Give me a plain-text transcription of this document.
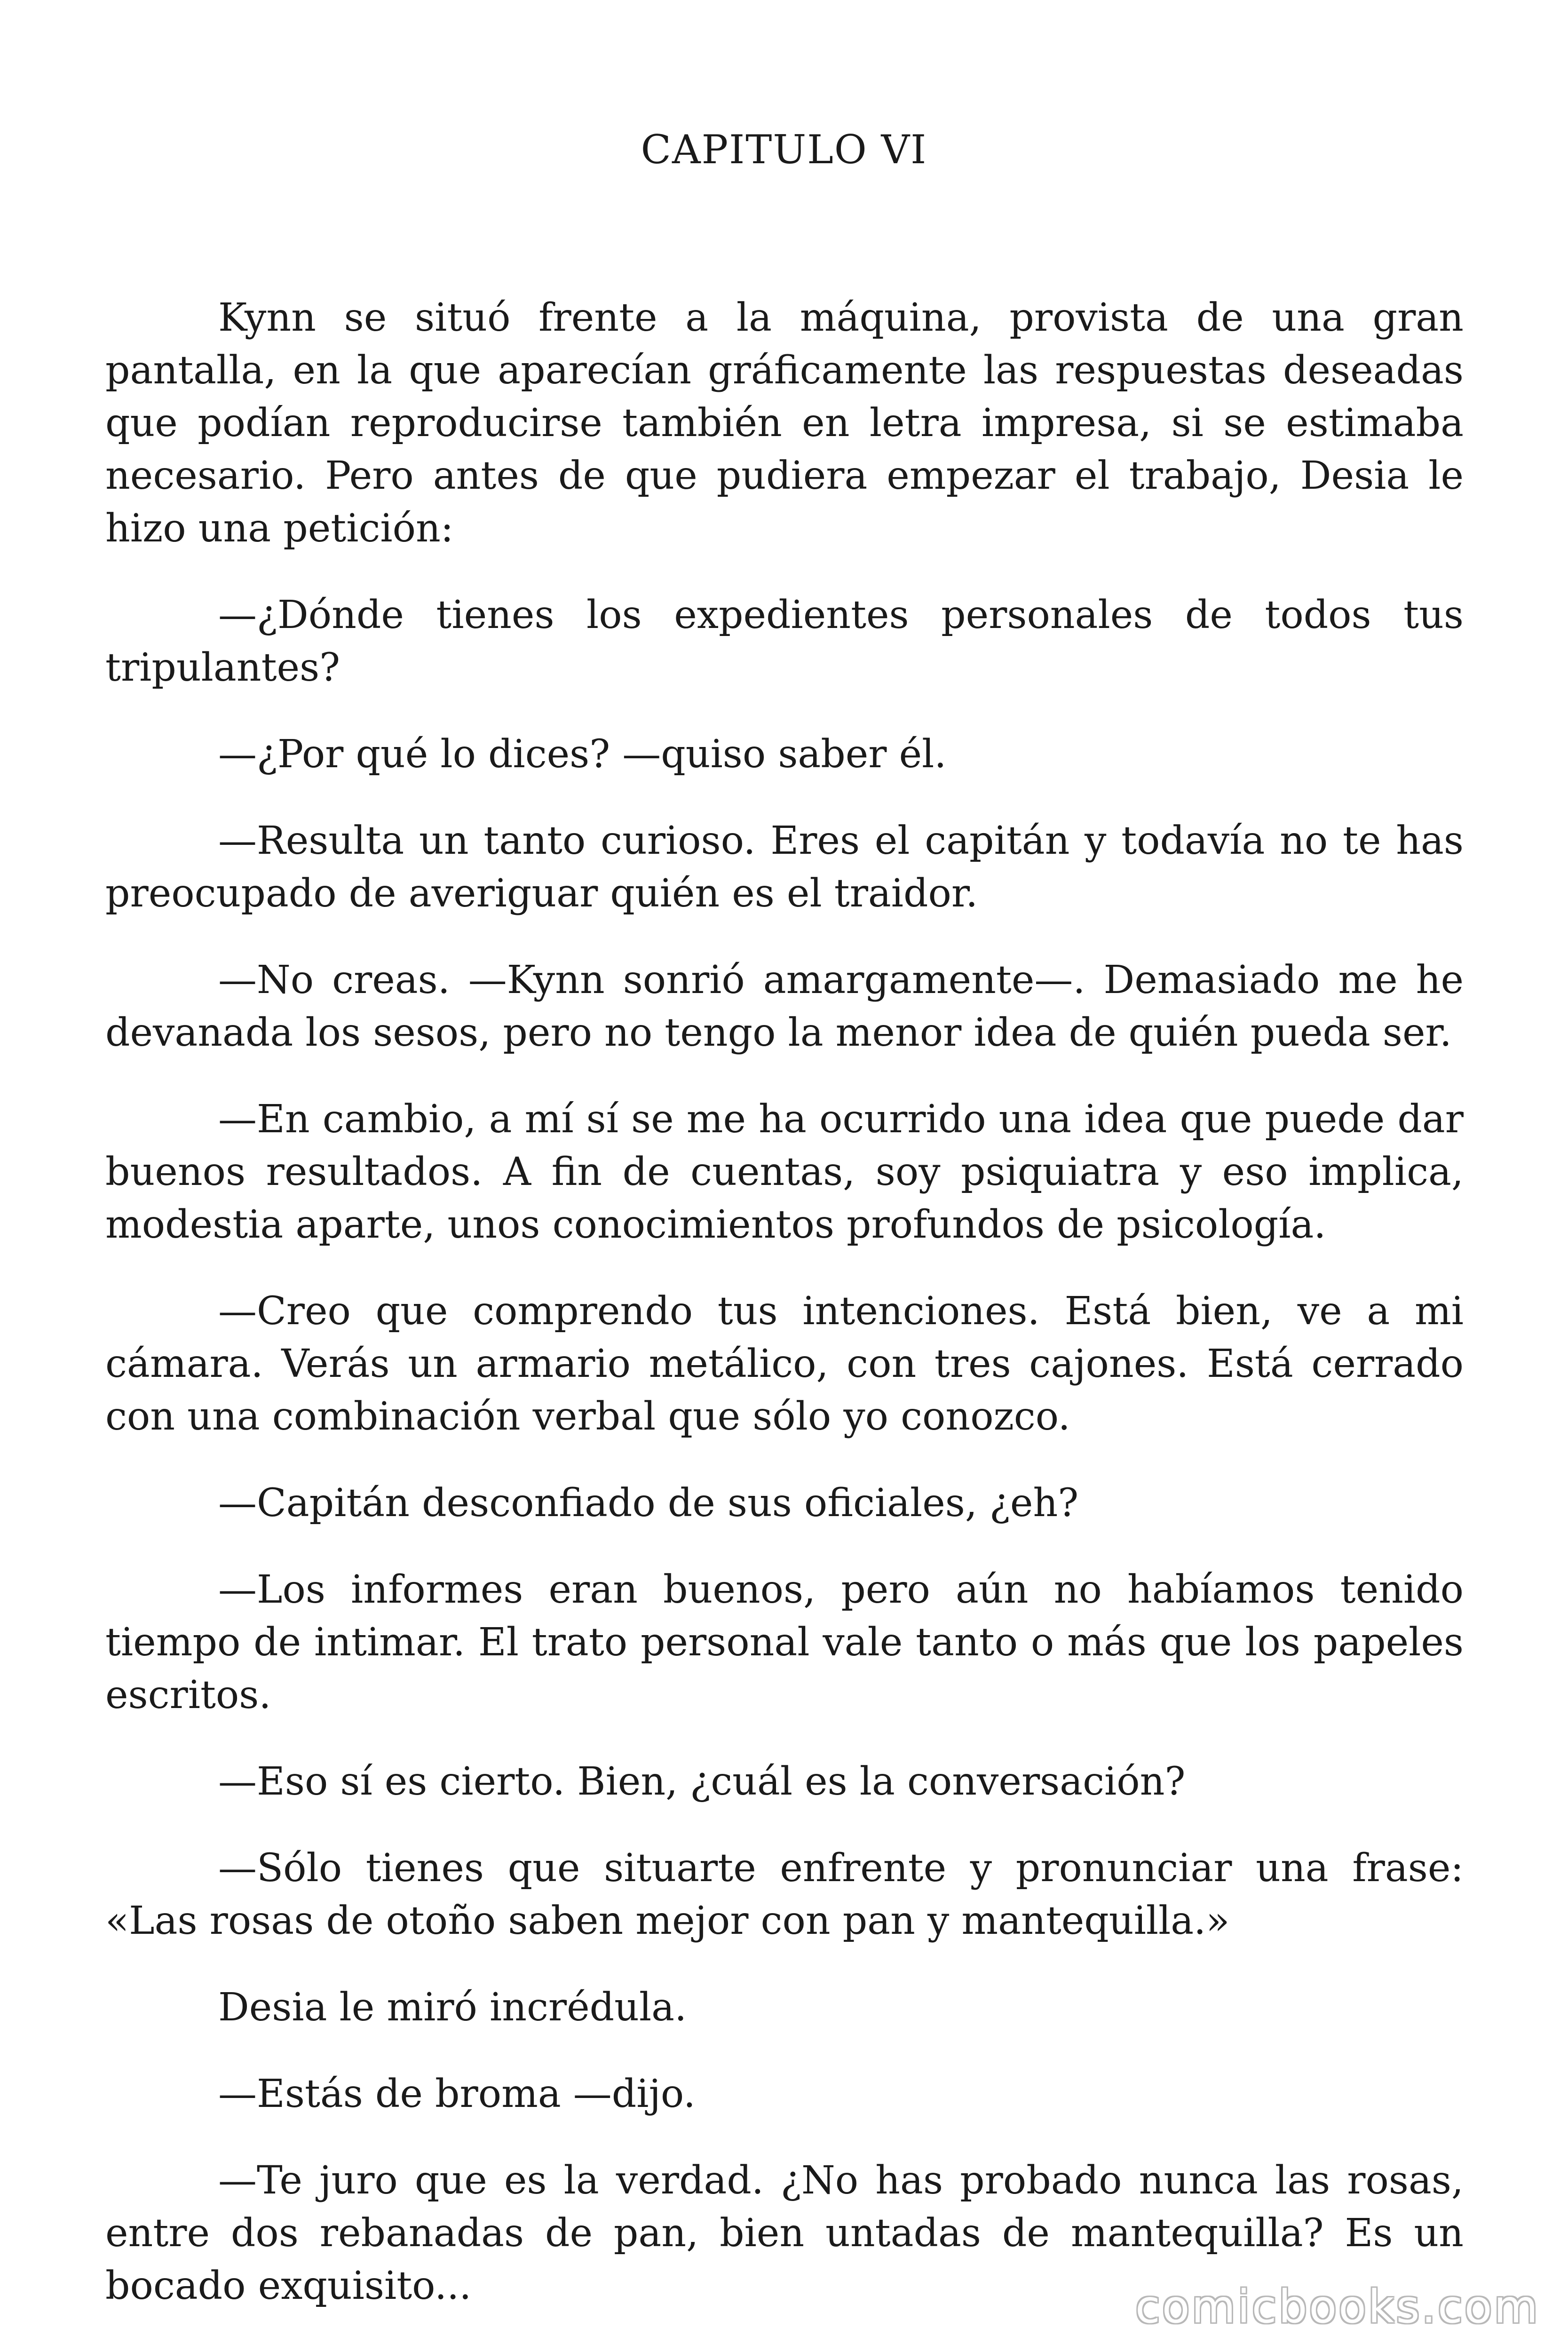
CAPITULO VI

Kynn se situó frente a la máquina, provista de una gran pantalla, en la que aparecían gráficamente las respuestas deseadas que podían reproducirse también en letra impresa, si se estimaba necesario. Pero antes de que pudiera empezar el trabajo, Desia le hizo una petición:

—¿Dónde tienes los expedientes personales de todos tus tripulantes?

—¿Por qué lo dices? —quiso saber él.

—Resulta un tanto curioso. Eres el capitán y todavía no te has preocupado de averiguar quién es el traidor.

—No creas. —Kynn sonrió amargamente—. Demasiado me he devanada los sesos, pero no tengo la menor idea de quién pueda ser.

—En cambio, a mí sí se me ha ocurrido una idea que puede dar buenos resultados. A fin de cuentas, soy psiquiatra y eso implica, modestia aparte, unos conocimientos profundos de psicología.

—Creo que comprendo tus intenciones. Está bien, ve a mi cámara. Verás un armario metálico, con tres cajones. Está cerrado con una combinación verbal que sólo yo conozco.

—Capitán desconfiado de sus oficiales, ¿eh?

—Los informes eran buenos, pero aún no habíamos tenido tiempo de intimar. El trato personal vale tanto o más que los papeles escritos.

—Eso sí es cierto. Bien, ¿cuál es la conversación?

—Sólo tienes que situarte enfrente y pronunciar una frase: «Las rosas de otoño saben mejor con pan y mantequilla.»

Desia le miró incrédula.

—Estás de broma —dijo.

—Te juro que es la verdad. ¿No has probado nunca las rosas, entre dos rebanadas de pan, bien untadas de mantequilla? Es un bocado exquisito...	comicbooks.com
